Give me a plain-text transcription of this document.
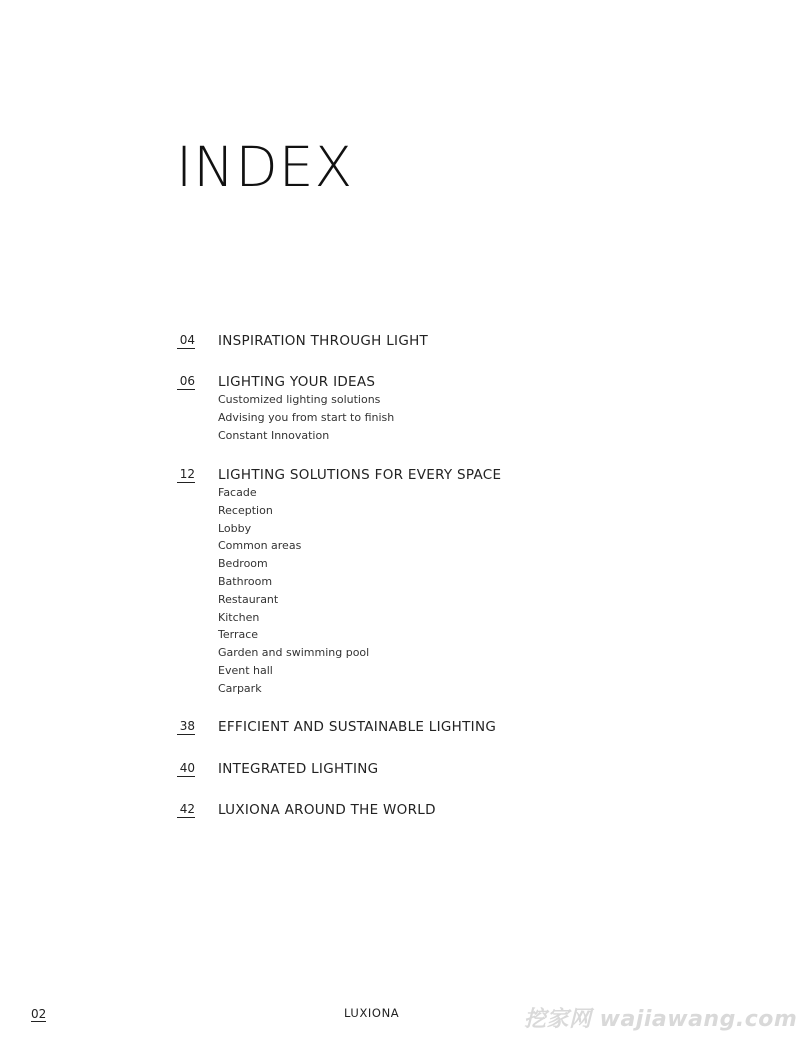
INDEX
04 INSPIRATION THROUGH LIGHT
06 LIGHTING YOUR IDEAS
Customized lighting solutions
Advising you from start to finish
Constant Innovation
12 LIGHTING SOLUTIONS FOR EVERY SPACE
Facade
Reception
Lobby
Common areas
Bedroom
Bathroom
Restaurant
Kitchen
Terrace
Garden and swimming pool
Event hall
Carpark
38 EFFICIENT AND SUSTAINABLE LIGHTING
40 INTEGRATED LIGHTING
42 LUXIONA AROUND THE WORLD
02	LUXIONA	挖家网 wajiawang.com
